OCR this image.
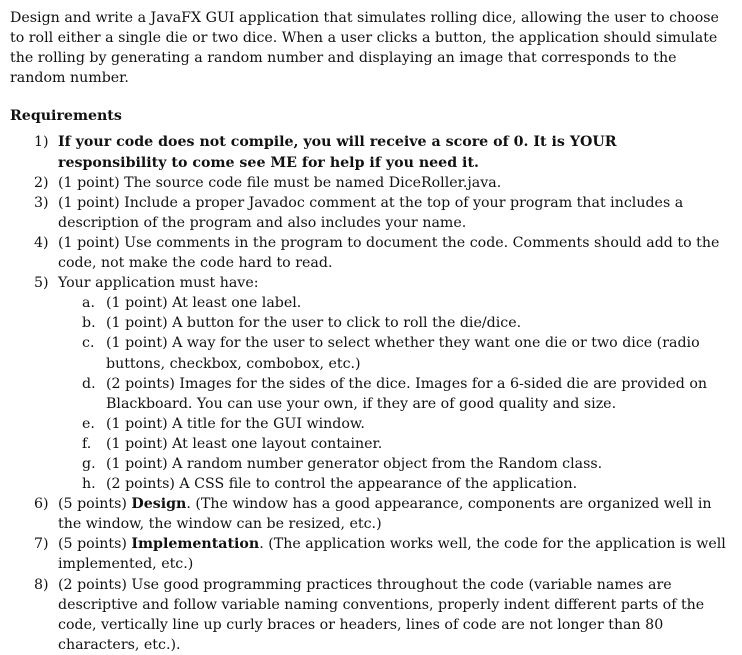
Design and write a JavaFX GUI application that simulates rolling dice, allowing the user to choose to roll either a single die or two dice. When a user clicks a button, the application should simulate the rolling by generating a random number and displaying an image that corresponds to the random number.

Requirements
1) If your code does not compile, you will receive a score of 0. It is YOUR responsibility to come see ME for help if you need it.
2) (1 point) The source code file must be named DiceRoller.java.
3) (1 point) Include a proper Javadoc comment at the top of your program that includes a description of the program and also includes your name.
4) (1 point) Use comments in the program to document the code. Comments should add to the code, not make the code hard to read.
5) Your application must have:
a. (1 point) At least one label.
b. (1 point) A button for the user to click to roll the die/dice.
c. (1 point) A way for the user to select whether they want one die or two dice (radio buttons, checkbox, combobox, etc.)
d. (2 points) Images for the sides of the dice. Images for a 6-sided die are provided on Blackboard. You can use your own, if they are of good quality and size.
e. (1 point) A title for the GUI window.
f. (1 point) At least one layout container.
g. (1 point) A random number generator object from the Random class.
h. (2 points) A CSS file to control the appearance of the application.
6) (5 points) Design. (The window has a good appearance, components are organized well in the window, the window can be resized, etc.)
7) (5 points) Implementation. (The application works well, the code for the application is well implemented, etc.)
8) (2 points) Use good programming practices throughout the code (variable names are descriptive and follow variable naming conventions, properly indent different parts of the code, vertically line up curly braces or headers, lines of code are not longer than 80 characters, etc.).
